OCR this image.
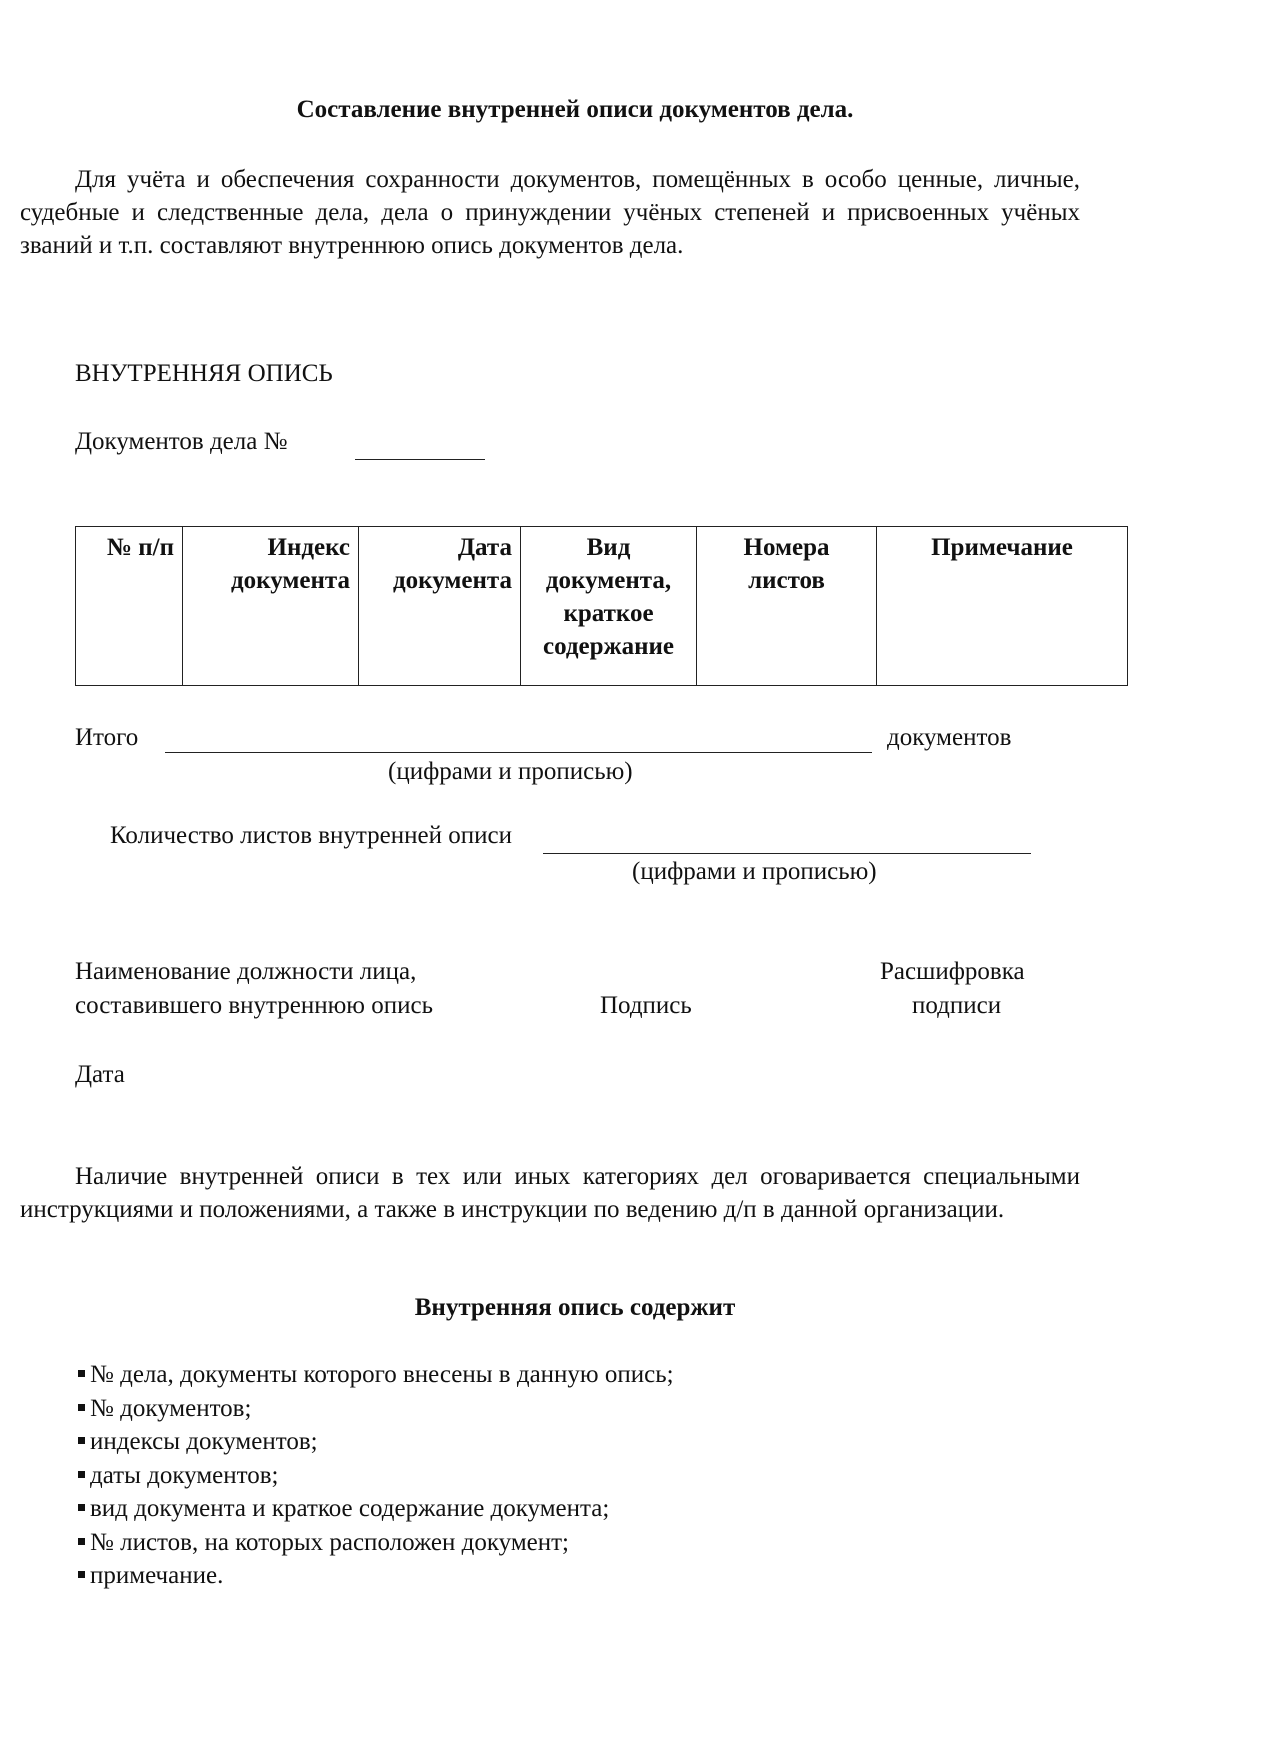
Составление внутренней описи документов дела.
Для учёта и обеспечения сохранности документов, помещённых в особо ценные, личные, судебные и следственные дела, дела о принуждении учёных степеней и присвоенных учёных званий и т.п. составляют внутреннюю опись документов дела.
ВНУТРЕННЯЯ ОПИСЬ
Документов дела №
№ п/п	Индекс документа	Дата документа	Вид документа, краткое содержание	Номера листов	Примечание
Итого	документов
(цифрами и прописью)
Количество листов внутренней описи
(цифрами и прописью)
Наименование должности лица,
составившего внутреннюю опись	Подпись
Расшифровка
подписи
Дата
Наличие внутренней описи в тех или иных категориях дел оговаривается специальными инструкциями и положениями, а также в инструкции по ведению д/п в данной организации.
Внутренняя опись содержит
№ дела, документы которого внесены в данную опись;
№ документов;
индексы документов;
даты документов;
вид документа и краткое содержание документа;
№ листов, на которых расположен документ;
примечание.
